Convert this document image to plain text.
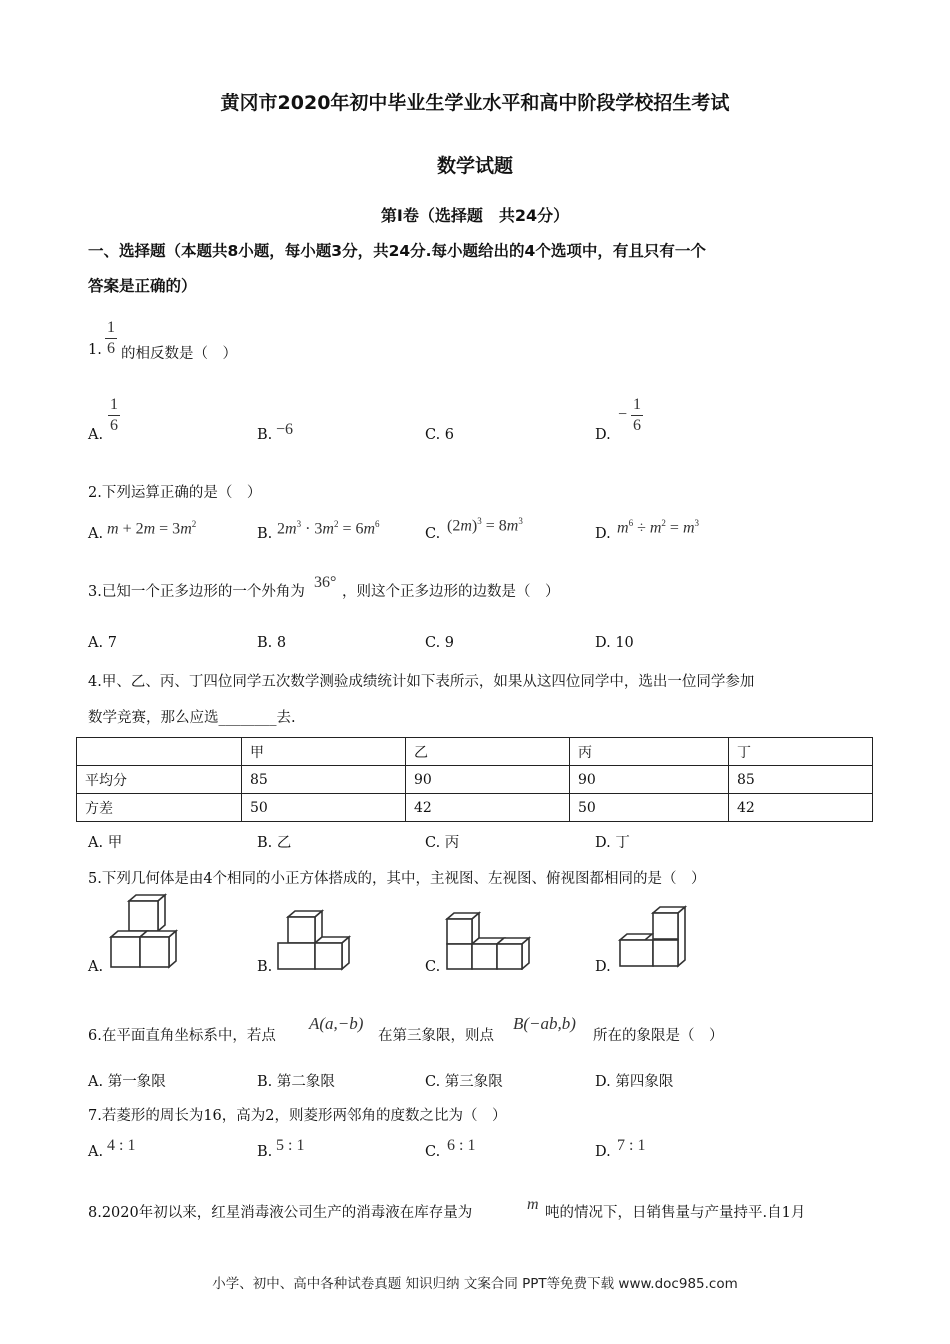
黄冈市2020年初中毕业生学业水平和高中阶段学校招生考试
数学试题
第Ⅰ卷（选择题　共24分）
一、选择题（本题共8小题，每小题3分，共24分.每小题给出的4个选项中，有且只有一个
答案是正确的）
1.
1
6 的相反数是（　）
A.
1
6
B. −6	C. 6	D.
−
1
6
2.下列运算正确的是（　）
A. $m + 2m = 3m^2$
B. $2m^3 \cdot 3m^2 = 6m^6$
C. $(2m)^3 = 8m^3$
D. $m^6 \div m^2 = m^3$
3.已知一个正多边形的一个外角为
36°
，则这个正多边形的边数是（　）
A. 7	B. 8	C. 9	D. 10
4.甲、乙、丙、丁四位同学五次数学测验成绩统计如下表所示，如果从这四位同学中，选出一位同学参加
数学竞赛，那么应选________去.
	甲	乙	丙	丁
平均分	85	90	90	85
方差	50	42	50	42
A. 甲	B. 乙	C. 丙	D. 丁
5.下列几何体是由4个相同的小正方体搭成的，其中，主视图、左视图、俯视图都相同的是（　）
A.	B.	C.	D.
6.在平面直角坐标系中，若点
A(a,−b)
在第三象限，则点
B(−ab,b)
所在的象限是（　）
A. 第一象限	B. 第二象限	C. 第三象限	D. 第四象限
7.若菱形的周长为16，高为2，则菱形两邻角的度数之比为（　）
A. 4 : 1	B. 5 : 1	C. 6 : 1	D. 7 : 1
8.2020年初以来，红星消毒液公司生产的消毒液在库存量为	m 吨的情况下，日销售量与产量持平.自1月
小学、初中、高中各种试卷真题 知识归纳 文案合同 PPT等免费下载 www.doc985.com
